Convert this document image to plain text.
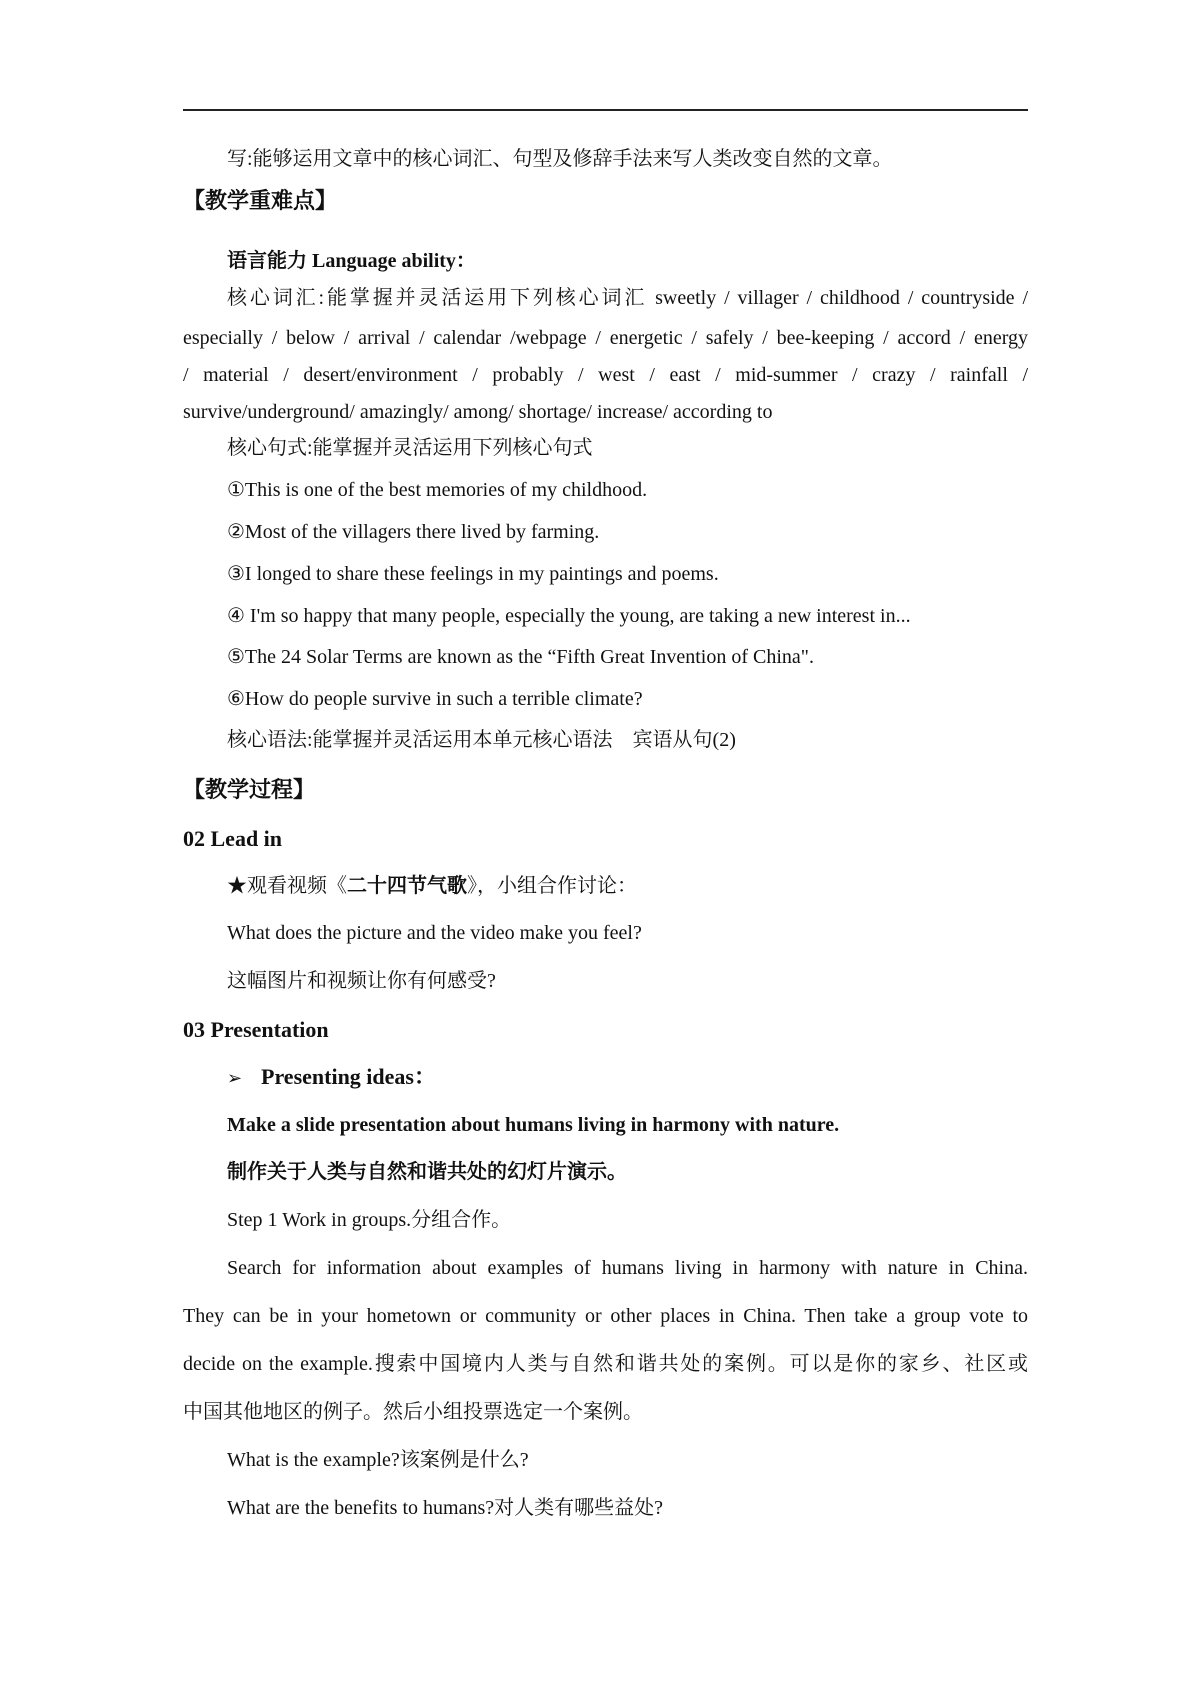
写:能够运用文章中的核心词汇、句型及修辞手法来写人类改变自然的文章。
【教学重难点】
语言能力 Language ability：
核心词汇:能掌握并灵活运用下列核心词汇 sweetly / villager / childhood / countryside /
especially / below / arrival / calendar /webpage / energetic / safely / bee-keeping / accord / energy
/ material / desert/environment / probably / west / east / mid-summer / crazy / rainfall /
survive/underground/ amazingly/ among/ shortage/ increase/ according to
核心句式:能掌握并灵活运用下列核心句式
①This is one of the best memories of my childhood.
②Most of the villagers there lived by farming.
③I longed to share these feelings in my paintings and poems.
④ I'm so happy that many people, especially the young, are taking a new interest in...
⑤The 24 Solar Terms are known as the “Fifth Great Invention of China".
⑥How do people survive in such a terrible climate?
核心语法:能掌握并灵活运用本单元核心语法　宾语从句(2)
【教学过程】
02 Lead in
★观看视频《二十四节气歌》，小组合作讨论：
What does the picture and the video make you feel?
这幅图片和视频让你有何感受?
03 Presentation
➢ Presenting ideas：
Make a slide presentation about humans living in harmony with nature.
制作关于人类与自然和谐共处的幻灯片演示。
Step 1 Work in groups.分组合作。
Search for information about examples of humans living in harmony with nature in China.
They can be in your hometown or community or other places in China. Then take a group vote to
decide on the example.搜索中国境内人类与自然和谐共处的案例。可以是你的家乡、社区或
中国其他地区的例子。然后小组投票选定一个案例。
What is the example?该案例是什么?
What are the benefits to humans?对人类有哪些益处?
